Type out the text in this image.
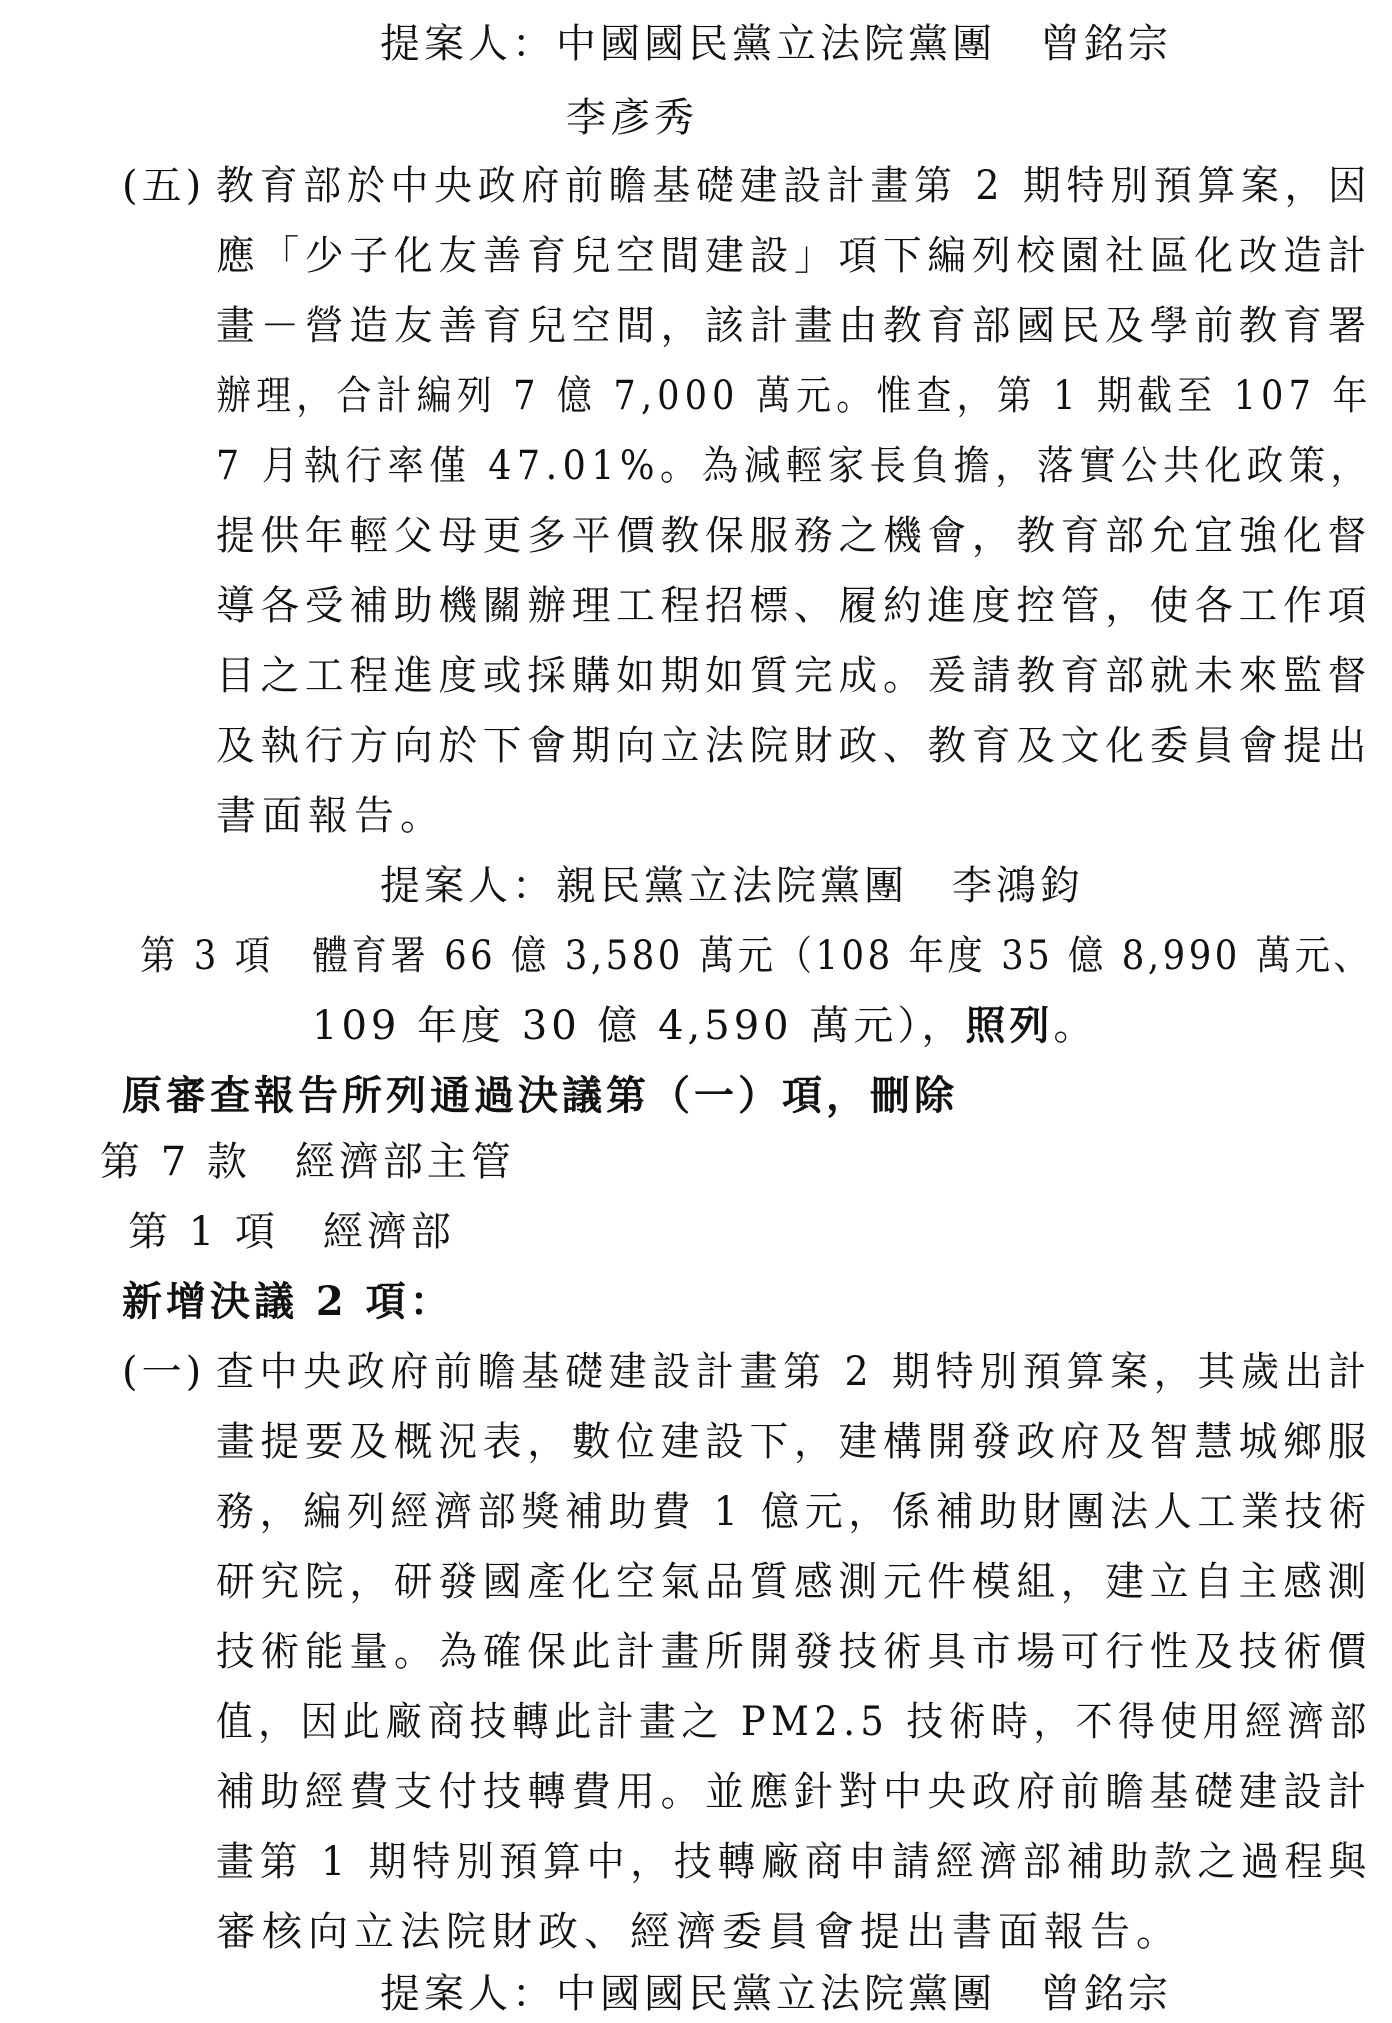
提案人：中國國民黨立法院黨團　曾銘宗
李彥秀
(五) 教育部於中央政府前瞻基礎建設計畫第 2 期特別預算案，因
應「少子化友善育兒空間建設」項下編列校園社區化改造計
畫－營造友善育兒空間，該計畫由教育部國民及學前教育署
辦理，合計編列 7 億 7,000 萬元。惟查，第 1 期截至 107 年
7 月執行率僅 47.01%。為減輕家長負擔，落實公共化政策，
提供年輕父母更多平價教保服務之機會，教育部允宜強化督
導各受補助機關辦理工程招標、履約進度控管，使各工作項
目之工程進度或採購如期如質完成。爰請教育部就未來監督
及執行方向於下會期向立法院財政、教育及文化委員會提出
書面報告。
提案人：親民黨立法院黨團　李鴻鈞
第 3 項　體育署 66 億 3,580 萬元（108 年度 35 億 8,990 萬元、
109 年度 30 億 4,590 萬元），照列。
原審查報告所列通過決議第（一）項，刪除
第 7 款　經濟部主管
第 1 項　經濟部
新增決議 2 項：
(一) 查中央政府前瞻基礎建設計畫第 2 期特別預算案，其歲出計
畫提要及概況表，數位建設下，建構開發政府及智慧城鄉服
務，編列經濟部獎補助費 1 億元，係補助財團法人工業技術
研究院，研發國產化空氣品質感測元件模組，建立自主感測
技術能量。為確保此計畫所開發技術具市場可行性及技術價
值，因此廠商技轉此計畫之 PM2.5 技術時，不得使用經濟部
補助經費支付技轉費用。並應針對中央政府前瞻基礎建設計
畫第 1 期特別預算中，技轉廠商申請經濟部補助款之過程與
審核向立法院財政、經濟委員會提出書面報告。
提案人：中國國民黨立法院黨團　曾銘宗
